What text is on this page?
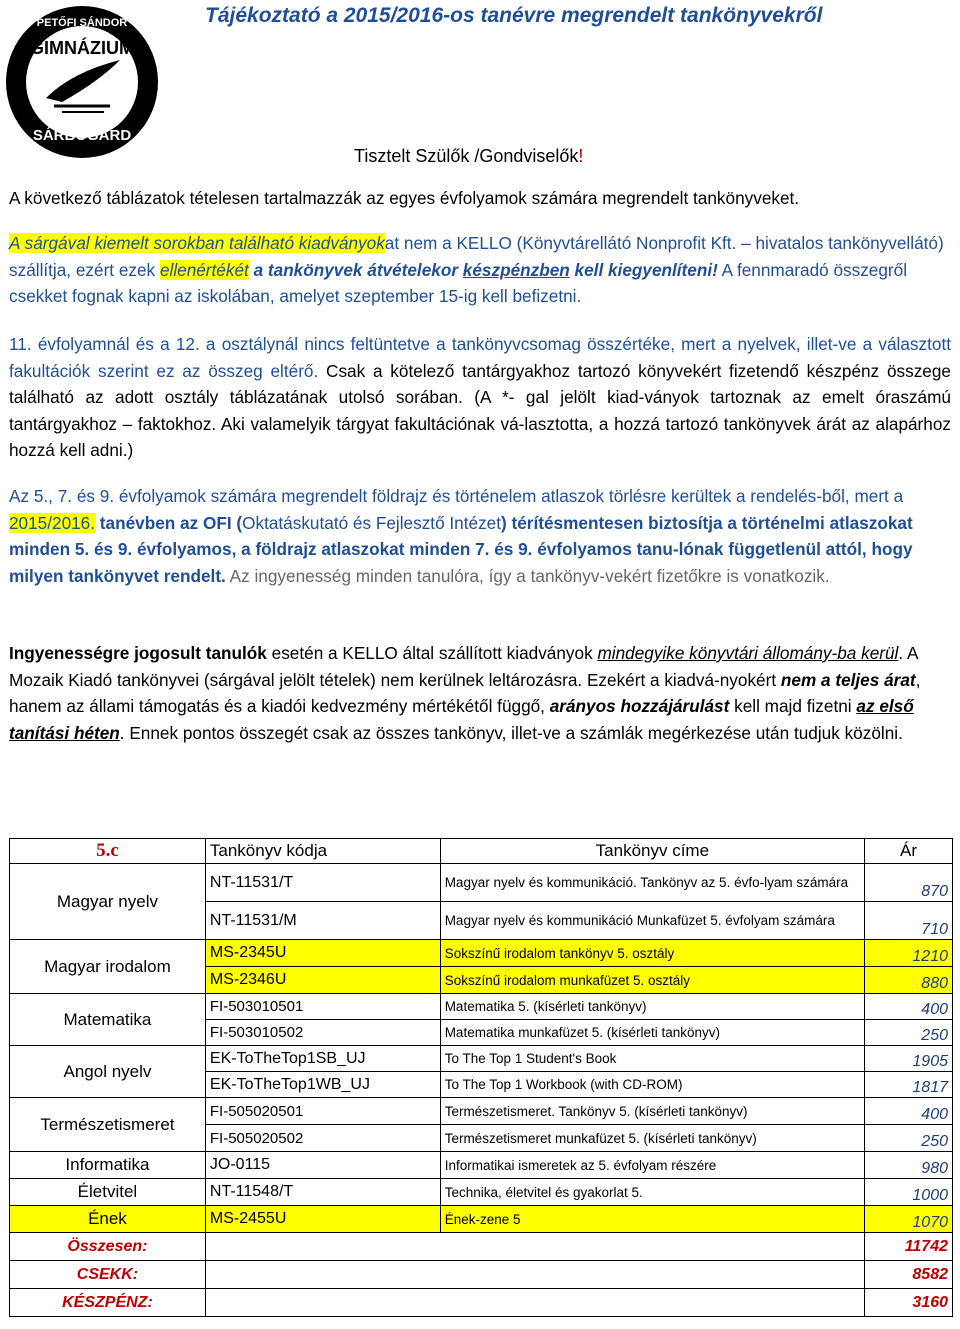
PETŐFI SÁNDOR
GIMNÁZIUM
SÁRBOGÁRD
Tájékoztató a 2015/2016-os tanévre megrendelt tankönyvekről
Tisztelt Szülők /Gondviselők!
A következő táblázatok tételesen tartalmazzák az egyes évfolyamok számára megrendelt tankönyveket.
A sárgával kiemelt sorokban található kiadványokat nem a KELLO (Könyvtárellátó Nonprofit Kft. – hivatalos tankönyvellátó) szállítja, ezért ezek ellenértékét a tankönyvek átvételekor készpénzben kell kiegyenlíteni! A fennmaradó összegről csekket fognak kapni az iskolában, amelyet szeptember 15-ig kell befizetni.
11. évfolyamnál és a 12. a osztálynál nincs feltüntetve a tankönyvcsomag összértéke, mert a nyelvek, illet-ve a választott fakultációk szerint ez az összeg eltérő. Csak a kötelező tantárgyakhoz tartozó könyvekért fizetendő készpénz összege található az adott osztály táblázatának utolsó sorában. (A *- gal jelölt kiad-ványok tartoznak az emelt óraszámú tantárgyakhoz – faktokhoz. Aki valamelyik tárgyat fakultációnak vá-lasztotta, a hozzá tartozó tankönyvek árát az alapárhoz hozzá kell adni.)
Az 5., 7. és 9. évfolyamok számára megrendelt földrajz és történelem atlaszok törlésre kerültek a rendelés-ből, mert a 2015/2016. tanévben az OFI (Oktatáskutató és Fejlesztő Intézet) térítésmentesen biztosítja a történelmi atlaszokat minden 5. és 9. évfolyamos, a földrajz atlaszokat minden 7. és 9. évfolyamos tanu-lónak függetlenül attól, hogy milyen tankönyvet rendelt. Az ingyenesség minden tanulóra, így a tankönyv-vekért fizetőkre is vonatkozik.
Ingyenességre jogosult tanulók esetén a KELLO által szállított kiadványok mindegyike könyvtári állomány-ba kerül. A Mozaik Kiadó tankönyvei (sárgával jelölt tételek) nem kerülnek leltározásra. Ezekért a kiadvá-nyokért nem a teljes árat, hanem az állami támogatás és a kiadói kedvezmény mértékétől függő, arányos hozzájárulást kell majd fizetni az első tanítási héten. Ennek pontos összegét csak az összes tankönyv, illet-ve a számlák megérkezése után tudjuk közölni.
5.c	Tankönyv kódja	Tankönyv címe	Ár
Magyar nyelv	NT-11531/T	Magyar nyelv és kommunikáció. Tankönyv az 5. évfo-lyam számára	870
	NT-11531/M	Magyar nyelv és kommunikáció Munkafüzet 5. évfolyam számára	710
Magyar irodalom	MS-2345U	Sokszínű irodalom tankönyv 5. osztály	1210
	MS-2346U	Sokszínű irodalom munkafüzet 5. osztály	880
Matematika	FI-503010501	Matematika 5. (kísérleti tankönyv)	400
	FI-503010502	Matematika munkafüzet 5. (kísérleti tankönyv)	250
Angol nyelv	EK-ToTheTop1SB_UJ	To The Top 1 Student's Book	1905
	EK-ToTheTop1WB_UJ	To The Top 1 Workbook (with CD-ROM)	1817
Természetismeret	FI-505020501	Természetismeret. Tankönyv 5. (kísérleti tankönyv)	400
	FI-505020502	Természetismeret munkafüzet 5. (kísérleti tankönyv)	250
Informatika	JO-0115	Informatikai ismeretek az 5. évfolyam részére	980
Életvitel	NT-11548/T	Technika, életvitel és gyakorlat 5.	1000
Ének	MS-2455U	Ének-zene 5	1070
Összesen:			11742
CSEKK:			8582
KÉSZPÉNZ:			3160
